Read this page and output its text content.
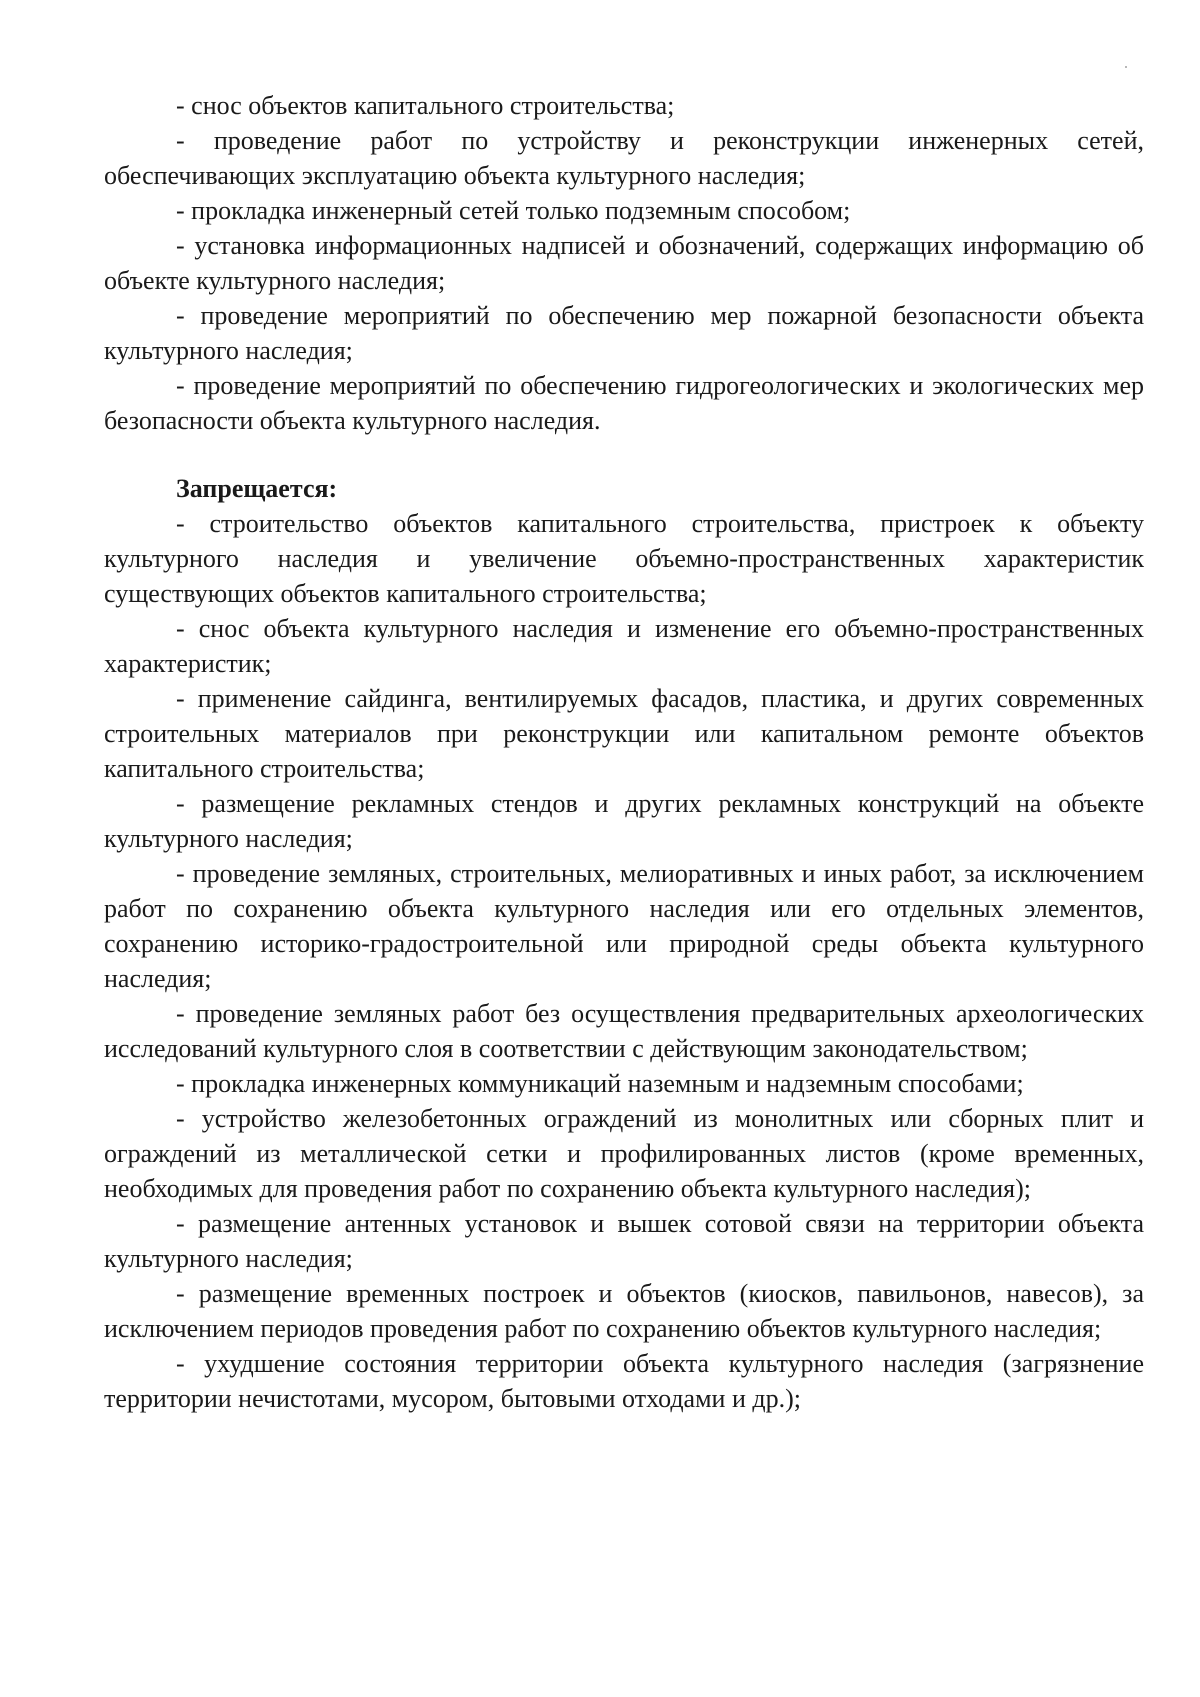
- снос объектов капитального строительства;

- проведение работ по устройству и реконструкции инженерных сетей, обеспечивающих эксплуатацию объекта культурного наследия;

- прокладка инженерный сетей только подземным способом;

- установка информационных надписей и обозначений, содержащих информацию об объекте культурного наследия;

- проведение мероприятий по обеспечению мер пожарной безопасности объекта культурного наследия;

- проведение мероприятий по обеспечению гидрогеологических и экологических мер безопасности объекта культурного наследия.

Запрещается:

- строительство объектов капитального строительства, пристроек к объекту культурного наследия и увеличение объемно-пространственных характеристик существующих объектов капитального строительства;

- снос объекта культурного наследия и изменение его объемно-пространственных характеристик;

- применение сайдинга, вентилируемых фасадов, пластика, и других современных строительных материалов при реконструкции или капитальном ремонте объектов капитального строительства;

- размещение рекламных стендов и других рекламных конструкций на объекте культурного наследия;

- проведение земляных, строительных, мелиоративных и иных работ, за исключением работ по сохранению объекта культурного наследия или его отдельных элементов, сохранению историко-градостроительной или природной среды объекта культурного наследия;

- проведение земляных работ без осуществления предварительных археологических исследований культурного слоя в соответствии с действующим законодательством;

- прокладка инженерных коммуникаций наземным и надземным способами;

- устройство железобетонных ограждений из монолитных или сборных плит и ограждений из металлической сетки и профилированных листов (кроме временных, необходимых для проведения работ по сохранению объекта культурного наследия);

- размещение антенных установок и вышек сотовой связи на территории объекта культурного наследия;

- размещение временных построек и объектов (киосков, павильонов, навесов), за исключением периодов проведения работ по сохранению объектов культурного наследия;

- ухудшение состояния территории объекта культурного наследия (загрязнение территории нечистотами, мусором, бытовыми отходами и др.);
